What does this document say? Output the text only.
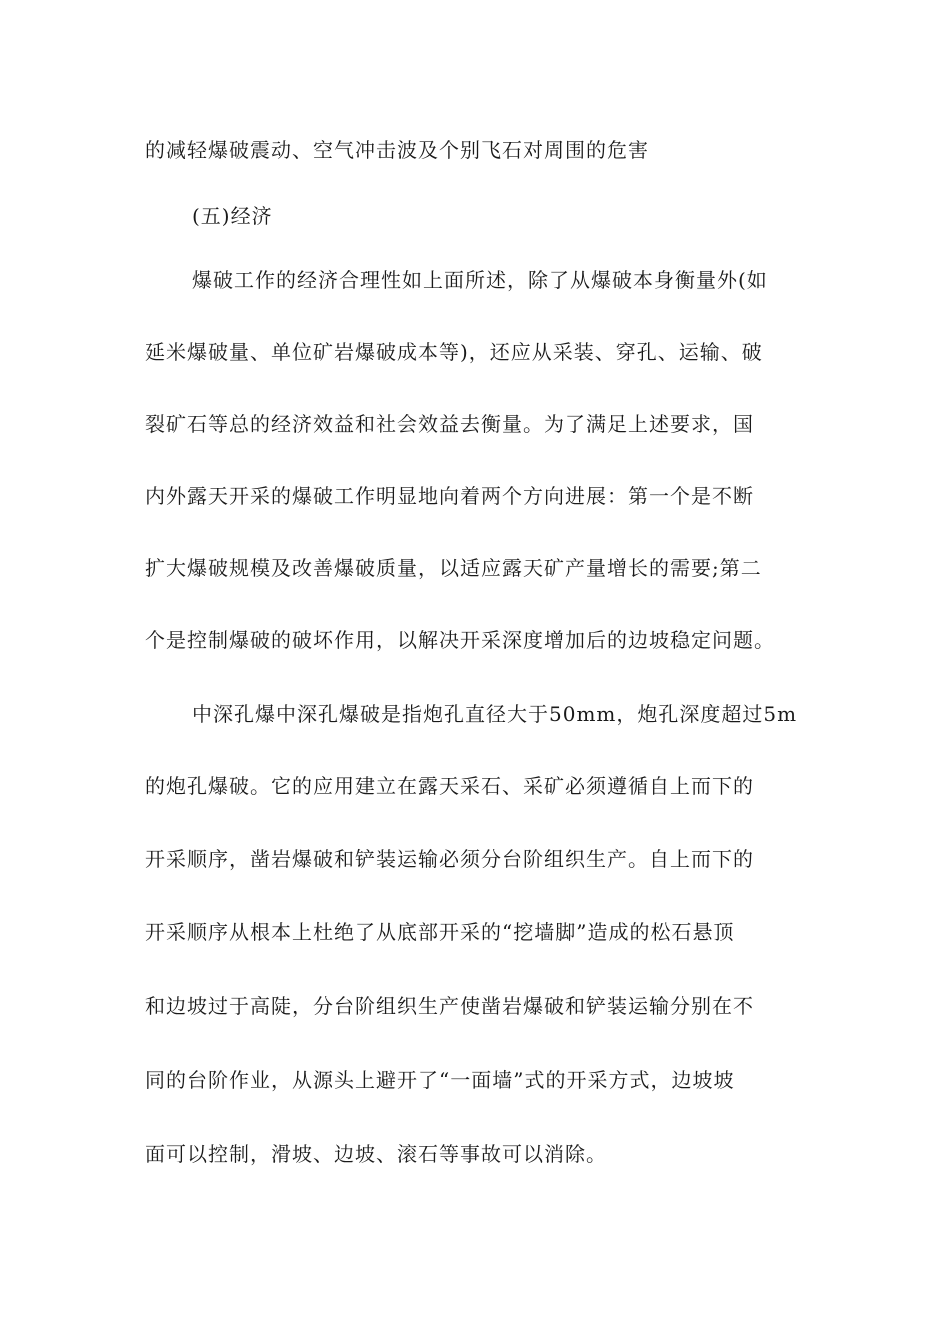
的减轻爆破震动、空气冲击波及个别飞石对周围的危害
(五)经济
爆破工作的经济合理性如上面所述，除了从爆破本身衡量外(如
延米爆破量、单位矿岩爆破成本等)，还应从采装、穿孔、运输、破
裂矿石等总的经济效益和社会效益去衡量。为了满足上述要求，国
内外露天开采的爆破工作明显地向着两个方向进展：第一个是不断
扩大爆破规模及改善爆破质量，以适应露天矿产量增长的需要;第二
个是控制爆破的破坏作用，以解决开采深度增加后的边坡稳定问题。
中深孔爆中深孔爆破是指炮孔直径大于50mm，炮孔深度超过5m
的炮孔爆破。它的应用建立在露天采石、采矿必须遵循自上而下的
开采顺序，凿岩爆破和铲装运输必须分台阶组织生产。自上而下的
开采顺序从根本上杜绝了从底部开采的“挖墙脚”造成的松石悬顶
和边坡过于高陡，分台阶组织生产使凿岩爆破和铲装运输分别在不
同的台阶作业，从源头上避开了“一面墙”式的开采方式，边坡坡
面可以控制，滑坡、边坡、滚石等事故可以消除。
